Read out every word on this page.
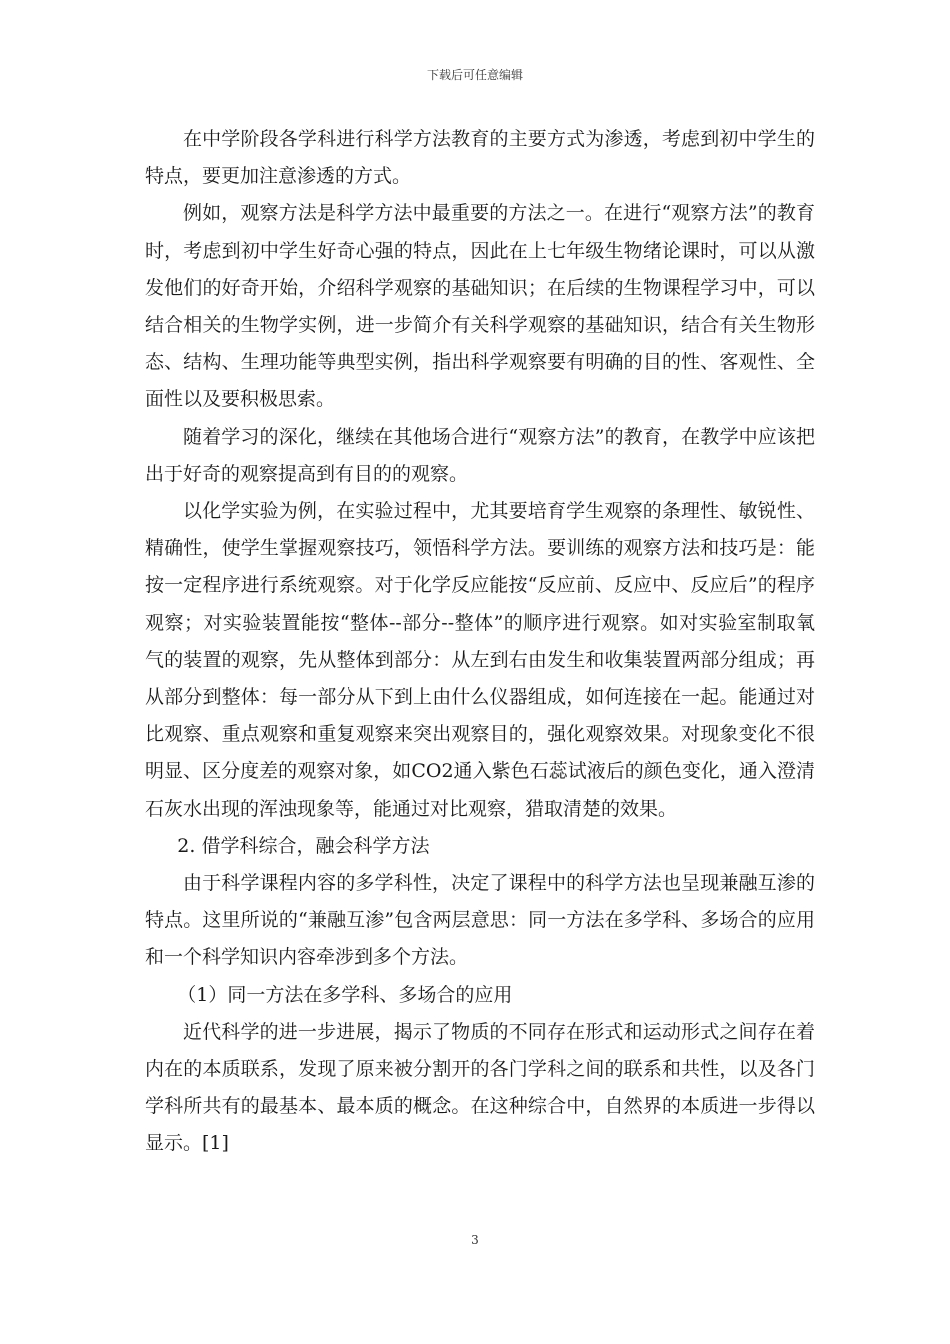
下载后可任意编辑

在中学阶段各学科进行科学方法教育的主要方式为渗透，考虑到初中学生的特点，要更加注意渗透的方式。

例如，观察方法是科学方法中最重要的方法之一。在进行“观察方法”的教育时，考虑到初中学生好奇心强的特点，因此在上七年级生物绪论课时，可以从激发他们的好奇开始，介绍科学观察的基础知识；在后续的生物课程学习中，可以结合相关的生物学实例，进一步简介有关科学观察的基础知识，结合有关生物形态、结构、生理功能等典型实例，指出科学观察要有明确的目的性、客观性、全面性以及要积极思索。

随着学习的深化，继续在其他场合进行“观察方法”的教育，在教学中应该把出于好奇的观察提高到有目的的观察。

以化学实验为例，在实验过程中，尤其要培育学生观察的条理性、敏锐性、精确性，使学生掌握观察技巧，领悟科学方法。要训练的观察方法和技巧是：能按一定程序进行系统观察。对于化学反应能按“反应前、反应中、反应后”的程序观察；对实验装置能按“整体--部分--整体”的顺序进行观察。如对实验室制取氧气的装置的观察，先从整体到部分：从左到右由发生和收集装置两部分组成；再从部分到整体：每一部分从下到上由什么仪器组成，如何连接在一起。能通过对比观察、重点观察和重复观察来突出观察目的，强化观察效果。对现象变化不很明显、区分度差的观察对象，如CO2通入紫色石蕊试液后的颜色变化，通入澄清石灰水出现的浑浊现象等，能通过对比观察，猎取清楚的效果。

2. 借学科综合，融会科学方法

由于科学课程内容的多学科性，决定了课程中的科学方法也呈现兼融互渗的特点。这里所说的“兼融互渗”包含两层意思：同一方法在多学科、多场合的应用和一个科学知识内容牵涉到多个方法。

（1）同一方法在多学科、多场合的应用

近代科学的进一步进展，揭示了物质的不同存在形式和运动形式之间存在着内在的本质联系，发现了原来被分割开的各门学科之间的联系和共性，以及各门学科所共有的最基本、最本质的概念。在这种综合中，自然界的本质进一步得以显示。[1]

3
